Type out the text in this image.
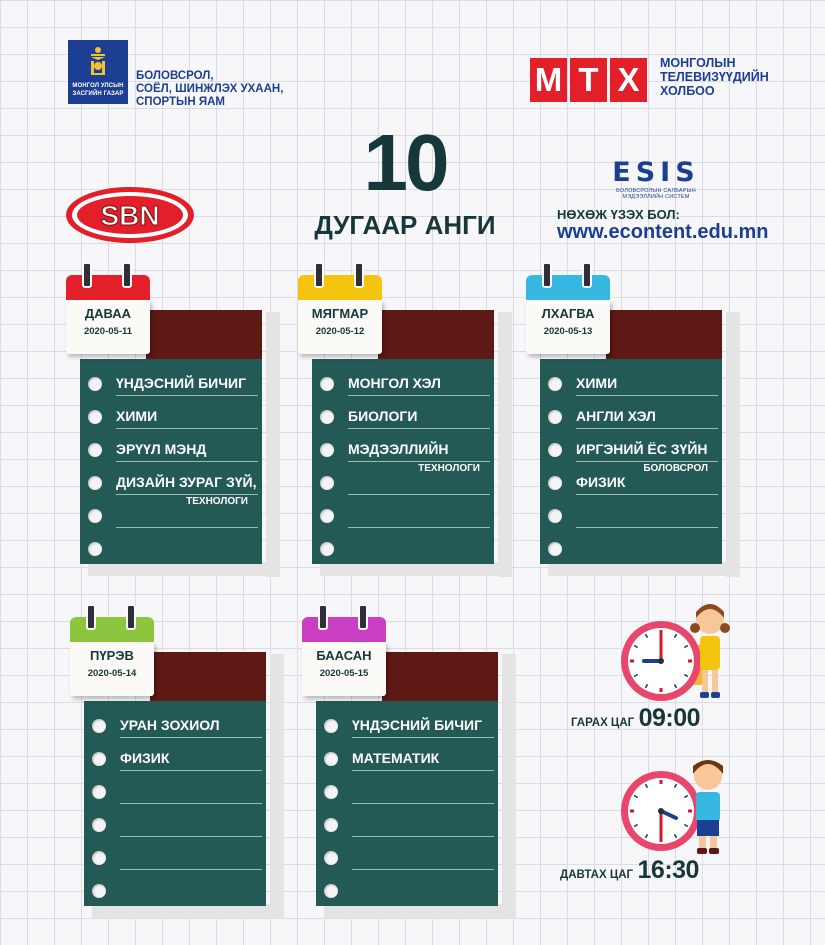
МОНГОЛ УЛСЫН ЗАСГИЙН ГАЗАР
БОЛОВСРОЛ,
СОЁЛ, ШИНЖЛЭХ УХААН,
СПОРТЫН ЯАМ
М Т Х	МОНГОЛЫН
ТЕЛЕВИЗҮҮДИЙН
ХОЛБОО
SBN
10
ДУГААР АНГИ
ESIS
БОЛОВСРОЛЫН САЛБАРЫН
МЭДЭЭЛЛИЙН СИСТЕМ
НӨХӨЖ ҮЗЭХ БОЛ:
www.econtent.edu.mn
ҮНДЭСНИЙ БИЧИГ
ХИМИ
ЭРҮҮЛ МЭНД
ДИЗАЙН ЗУРАГ ЗҮЙ,
ТЕХНОЛОГИ
ДАВАА
2020-05-11
МОНГОЛ ХЭЛ
БИОЛОГИ
МЭДЭЭЛЛИЙН
ТЕХНОЛОГИ
МЯГМАР
2020-05-12
ХИМИ
АНГЛИ ХЭЛ
ИРГЭНИЙ ЁС ЗҮЙН
БОЛОВСРОЛ
ФИЗИК
ЛХАГВА
2020-05-13
УРАН ЗОХИОЛ
ФИЗИК
ПҮРЭВ
2020-05-14
ҮНДЭСНИЙ БИЧИГ
МАТЕМАТИК
БААСАН
2020-05-15
ГАРАХ ЦАГ 09:00
ДАВТАХ ЦАГ 16:30
